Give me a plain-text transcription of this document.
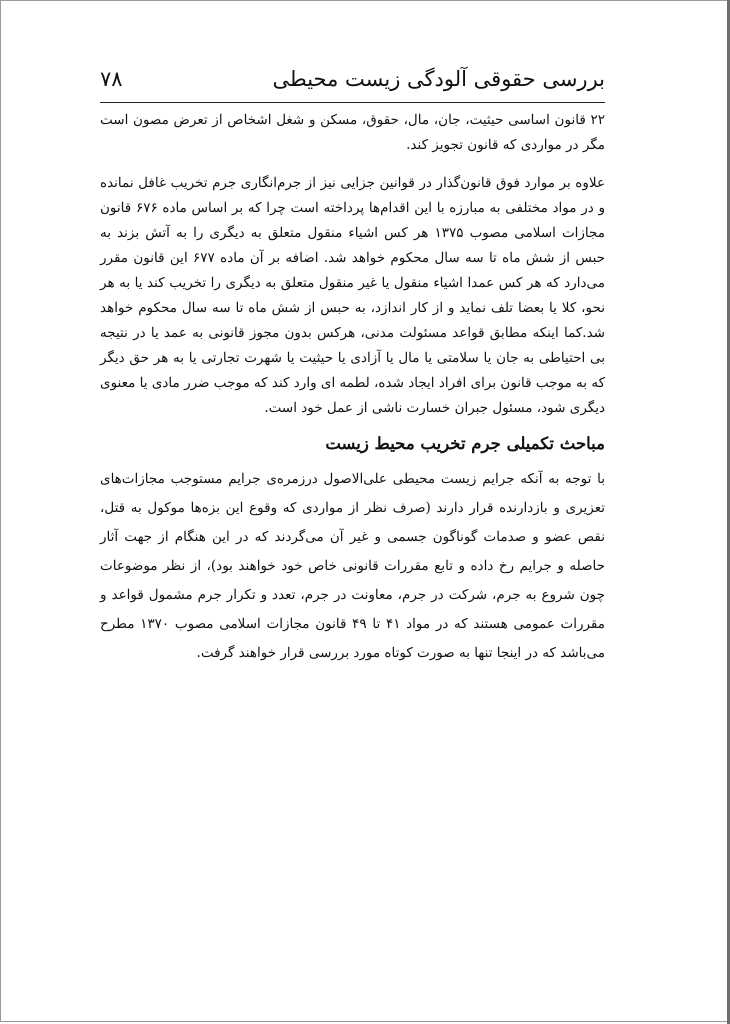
بررسی حقوقی آلودگی زیست محیطی
۷۸

۲۲ قانون اساسی حیثیت، جان، مال، حقوق، مسکن و شغل اشخاص از تعرض مصون است مگر در مواردی که قانون تجویز کند.

علاوه بر موارد فوق قانون‌گذار در قوانین جزایی نیز از جرم‌انگاری جرم تخریب غافل نمانده و در مواد مختلفی به مبارزه با این اقدام‌ها پرداخته است چرا که بر اساس ماده ۶۷۶ قانون مجازات اسلامی مصوب ۱۳۷۵ هر کس اشیاء منقول متعلق به دیگری را به آتش بزند به حبس از شش ماه تا سه سال محکوم خواهد شد. اضافه بر آن ماده ۶۷۷ این قانون مقرر می‌دارد که هر کس عمدا اشیاء منقول یا غیر منقول متعلق به دیگری را تخریب کند یا به هر نحو، کلا یا بعضا تلف نماید و از کار اندازد، به حبس از شش ماه تا سه سال محکوم خواهد شد.کما اینکه مطابق قواعد مسئولت مدنی، هرکس بدون مجوز قانونی به عمد یا در نتیجه بی احتیاطی به جان یا سلامتی یا مال یا آزادی یا حیثیت یا شهرت تجارتی یا به هر حق دیگر که به موجب قانون برای افراد ایجاد شده، لطمه ای وارد کند که موجب ضرر مادی یا معنوی دیگری شود، مسئول جبران خسارت ناشی از عمل خود است.

مباحث تکمیلی جرم تخریب محیط زیست

با توجه به آنکه جرایم زیست محیطی علی‌الاصول درزمره‌ی جرایم مستوجب مجازات‌های تعزیری و بازدارنده قرار دارند (صرف نظر از مواردی که وقوع این بزه‌ها موکول به قتل، نقص عضو و صدمات گوناگون جسمی و غیر آن می‌گردند که در این هنگام از جهت آثار حاصله و جرایم رخ داده و تابع مقررات قانونی خاص خود خواهند بود)، از نظر موضوعات چون شروع به جرم، شرکت در جرم، معاونت در جرم، تعدد و تکرار جرم مشمول قواعد و مقررات عمومی هستند که در مواد ۴۱ تا ۴۹ قانون مجازات اسلامی مصوب ۱۳۷۰ مطرح می‌باشد که در اینجا تنها به صورت کوتاه مورد بررسی قرار خواهند گرفت.
